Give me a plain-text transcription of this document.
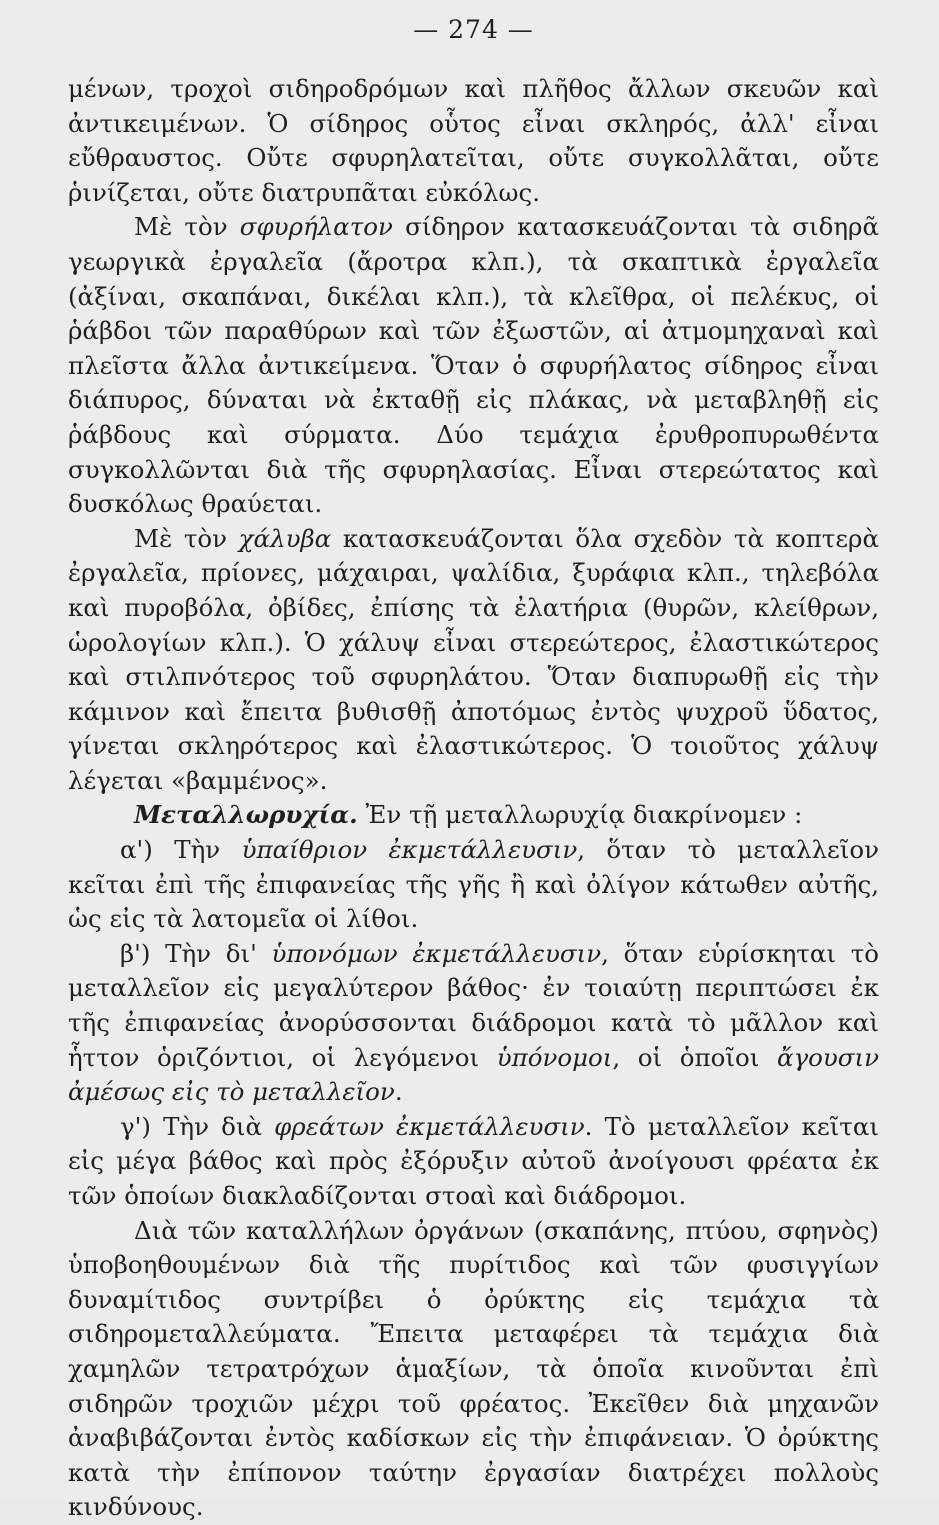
— 274 —

μένων, τροχοὶ σιδηροδρόμων καὶ πλῆθος ἄλλων σκευῶν καὶ ἀντικειμένων. Ὁ σίδηρος οὗτος εἶναι σκληρός, ἀλλ' εἶναι εὔθραυστος. Οὔτε σφυρηλατεῖται, οὔτε συγκολλᾶται, οὔτε ῥινίζεται, οὔτε διατρυπᾶται εὐκόλως.

Μὲ τὸν σφυρήλατον σίδηρον κατασκευάζονται τὰ σιδηρᾶ γεωργικὰ ἐργαλεῖα (ἄροτρα κλπ.), τὰ σκαπτικὰ ἐργαλεῖα (ἀξίναι, σκαπάναι, δικέλαι κλπ.), τὰ κλεῖθρα, οἱ πελέκυς, οἱ ῥάβδοι τῶν παραθύρων καὶ τῶν ἐξωστῶν, αἱ ἀτμομηχαναὶ καὶ πλεῖστα ἄλλα ἀντικείμενα. Ὅταν ὁ σφυρήλατος σίδηρος εἶναι διάπυρος, δύναται νὰ ἐκταθῇ εἰς πλάκας, νὰ μεταβληθῇ εἰς ῥάβδους καὶ σύρματα. Δύο τεμάχια ἐρυθροπυρωθέντα συγκολλῶνται διὰ τῆς σφυρηλασίας. Εἶναι στερεώτατος καὶ δυσκόλως θραύεται.

Μὲ τὸν χάλυβα κατασκευάζονται ὅλα σχεδὸν τὰ κοπτερὰ ἐργαλεῖα, πρίονες, μάχαιραι, ψαλίδια, ξυράφια κλπ., τηλεβόλα καὶ πυροβόλα, ὀβίδες, ἐπίσης τὰ ἐλατήρια (θυρῶν, κλείθρων, ὡρολογίων κλπ.). Ὁ χάλυψ εἶναι στερεώτερος, ἐλαστικώτερος καὶ στιλπνότερος τοῦ σφυρηλάτου. Ὅταν διαπυρωθῇ εἰς τὴν κάμινον καὶ ἔπειτα βυθισθῇ ἀποτόμως ἐντὸς ψυχροῦ ὕδατος, γίνεται σκληρότερος καὶ ἐλαστικώτερος. Ὁ τοιοῦτος χάλυψ λέγεται «βαμμένος».

Μεταλλωρυχία. Ἐν τῇ μεταλλωρυχίᾳ διακρίνομεν :

α') Τὴν ὑπαίθριον ἐκμετάλλευσιν, ὅταν τὸ μεταλλεῖον κεῖται ἐπὶ τῆς ἐπιφανείας τῆς γῆς ἢ καὶ ὀλίγον κάτωθεν αὐτῆς, ὡς εἰς τὰ λατομεῖα οἱ λίθοι.

β') Τὴν δι' ὑπονόμων ἐκμετάλλευσιν, ὅταν εὑρίσκηται τὸ μεταλλεῖον εἰς μεγαλύτερον βάθος· ἐν τοιαύτῃ περιπτώσει ἐκ τῆς ἐπιφανείας ἀνορύσσονται διάδρομοι κατὰ τὸ μᾶλλον καὶ ἧττον ὁριζόντιοι, οἱ λεγόμενοι ὑπόνομοι, οἱ ὁποῖοι ἄγουσιν ἀμέσως εἰς τὸ μεταλλεῖον.

γ') Τὴν διὰ φρεάτων ἐκμετάλλευσιν. Τὸ μεταλλεῖον κεῖται εἰς μέγα βάθος καὶ πρὸς ἐξόρυξιν αὐτοῦ ἀνοίγουσι φρέατα ἐκ τῶν ὁποίων διακλαδίζονται στοαὶ καὶ διάδρομοι.

Διὰ τῶν καταλλήλων ὀργάνων (σκαπάνης, πτύου, σφηνὸς) ὑποβοηθουμένων διὰ τῆς πυρίτιδος καὶ τῶν φυσιγγίων δυναμίτιδος συντρίβει ὁ ὀρύκτης εἰς τεμάχια τὰ σιδηρομεταλλεύματα. Ἔπειτα μεταφέρει τὰ τεμάχια διὰ χαμηλῶν τετρατρόχων ἁμαξίων, τὰ ὁποῖα κινοῦνται ἐπὶ σιδηρῶν τροχιῶν μέχρι τοῦ φρέατος. Ἐκεῖθεν διὰ μηχανῶν ἀναβιβάζονται ἐντὸς καδίσκων εἰς τὴν ἐπιφάνειαν. Ὁ ὀρύκτης κατὰ τὴν ἐπίπονον ταύτην ἐργασίαν διατρέχει πολλοὺς κινδύνους.
